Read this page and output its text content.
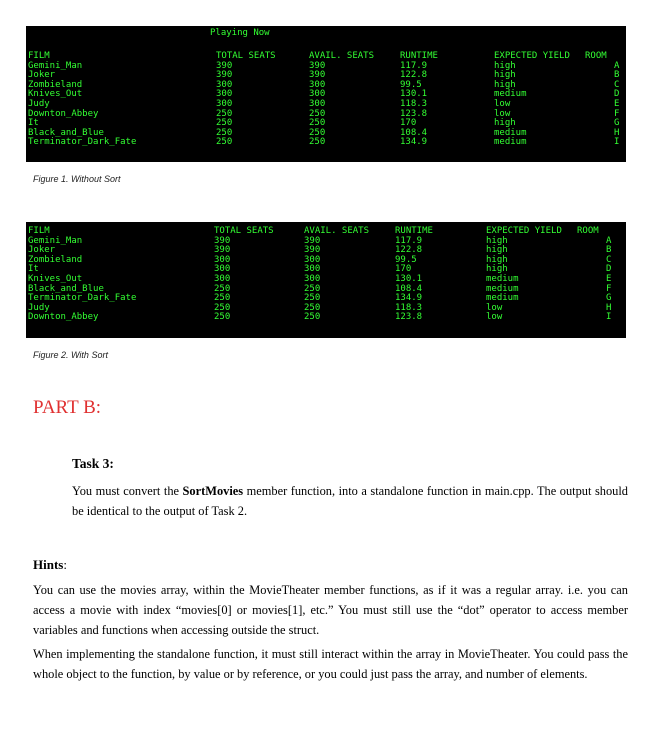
Playing Now
FILM	TOTAL SEATS	AVAIL. SEATS	RUNTIME	EXPECTED YIELD ROOM
Gemini_Man	390	390	117.9	high	A
Joker	390	390	122.8	high	B
Zombieland	300	300	99.5	high	C
Knives_Out	300	300	130.1	medium	D
Judy	300	300	118.3	low	E
Downton_Abbey	250	250	123.8	low	F
It	250	250	170	high	G
Black_and_Blue	250	250	108.4	medium	H
Terminator_Dark_Fate	250	250	134.9	medium	I
Figure 1. Without Sort
FILM	TOTAL SEATS	AVAIL. SEATS	RUNTIME	EXPECTED YIELD ROOM
Gemini_Man	390	390	117.9	high	A
Joker	390	390	122.8	high	B
Zombieland	300	300	99.5	high	C
It	300	300	170	high	D
Knives_Out	300	300	130.1	medium	E
Black_and_Blue	250	250	108.4	medium	F
Terminator_Dark_Fate	250	250	134.9	medium	G
Judy	250	250	118.3	low	H
Downton_Abbey	250	250	123.8	low	I
Figure 2. With Sort
PART B:
Task 3:
You must convert the SortMovies member function, into a standalone function in main.cpp. The output should be identical to the output of Task 2.
Hints:
You can use the movies array, within the MovieTheater member functions, as if it was a regular array. i.e. you can access a movie with index “movies[0] or movies[1], etc.” You must still use the “dot” operator to access member variables and functions when accessing outside the struct.
When implementing the standalone function, it must still interact within the array in MovieTheater. You could pass the whole object to the function, by value or by reference, or you could just pass the array, and number of elements.
